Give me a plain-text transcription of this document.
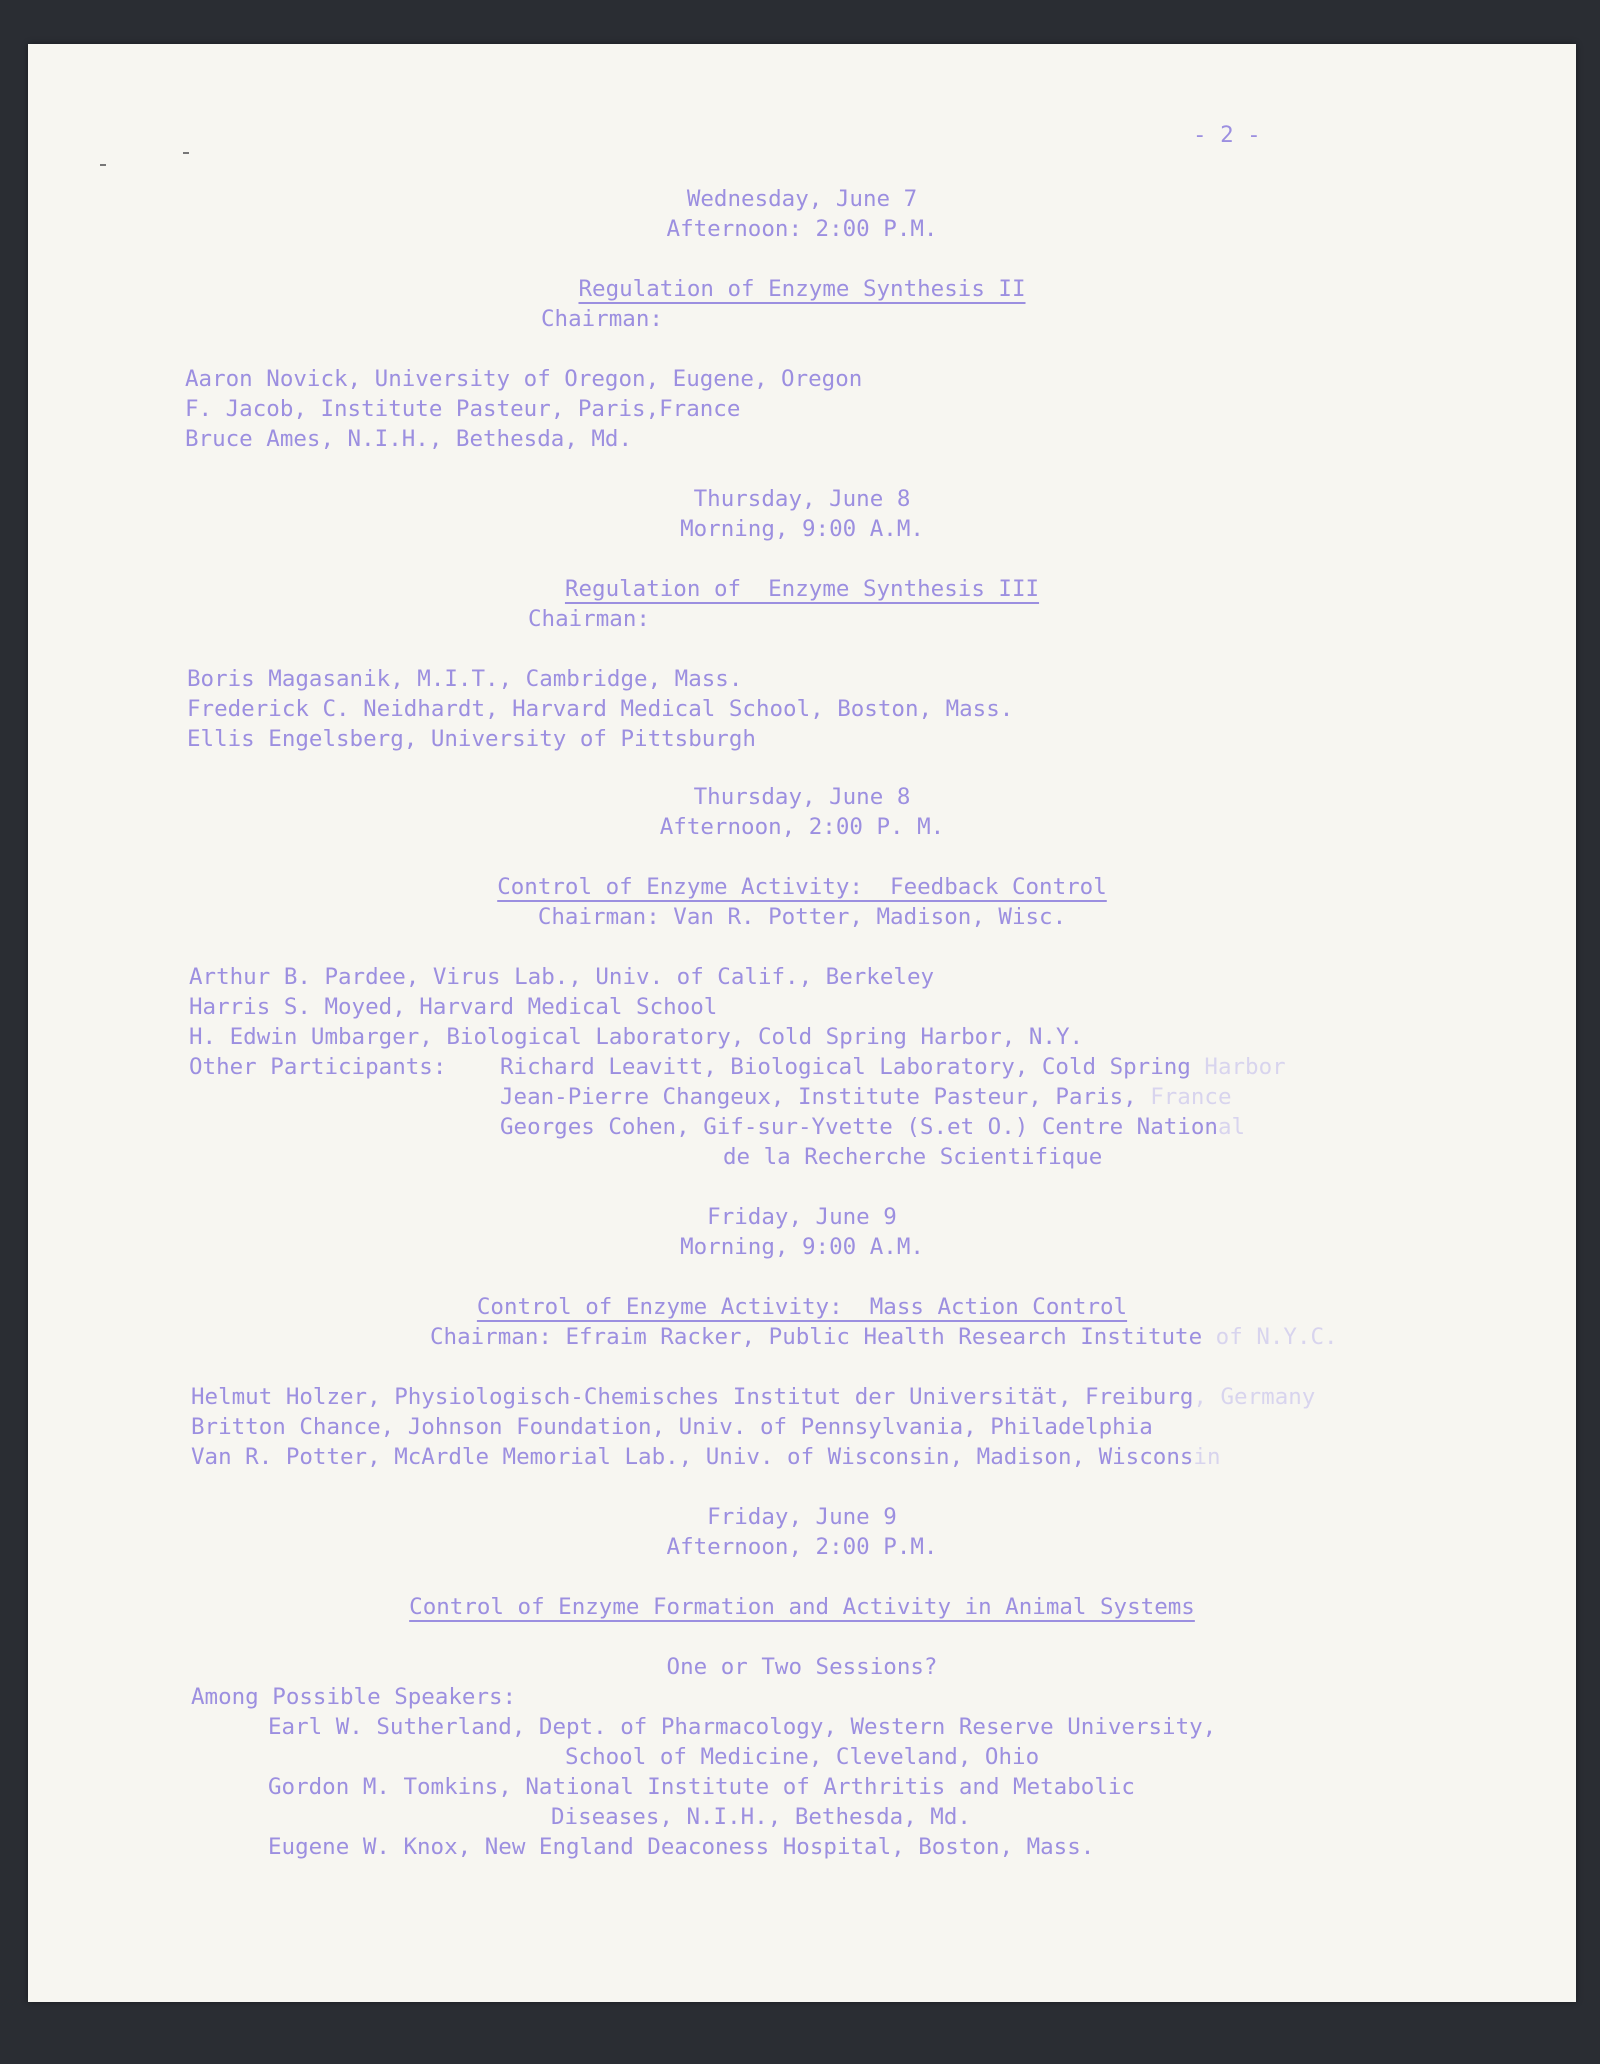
- 2 -

Wednesday, June 7

Afternoon: 2:00 P.M.

Regulation of Enzyme Synthesis II

Chairman:

Aaron Novick, University of Oregon, Eugene, Oregon

F. Jacob, Institute Pasteur, Paris,France

Bruce Ames, N.I.H., Bethesda, Md.

Thursday, June 8

Morning, 9:00 A.M.

Regulation of  Enzyme Synthesis III

Chairman:

Boris Magasanik, M.I.T., Cambridge, Mass.

Frederick C. Neidhardt, Harvard Medical School, Boston, Mass.

Ellis Engelsberg, University of Pittsburgh

Thursday, June 8

Afternoon, 2:00 P. M.

Control of Enzyme Activity:  Feedback Control

Chairman: Van R. Potter, Madison, Wisc.

Arthur B. Pardee, Virus Lab., Univ. of Calif., Berkeley

Harris S. Moyed, Harvard Medical School

H. Edwin Umbarger, Biological Laboratory, Cold Spring Harbor, N.Y.

Other Participants: Richard Leavitt, Biological Laboratory, Cold Spring Harbor

Jean-Pierre Changeux, Institute Pasteur, Paris, France

Georges Cohen, Gif-sur-Yvette (S.et O.) Centre National

de la Recherche Scientifique

Friday, June 9

Morning, 9:00 A.M.

Control of Enzyme Activity:  Mass Action Control

Chairman: Efraim Racker, Public Health Research Institute of N.Y.C.

Helmut Holzer, Physiologisch-Chemisches Institut der Universität, Freiburg, Germany

Britton Chance, Johnson Foundation, Univ. of Pennsylvania, Philadelphia

Van R. Potter, McArdle Memorial Lab., Univ. of Wisconsin, Madison, Wisconsin

Friday, June 9

Afternoon, 2:00 P.M.

Control of Enzyme Formation and Activity in Animal Systems

One or Two Sessions?

Among Possible Speakers:

Earl W. Sutherland, Dept. of Pharmacology, Western Reserve University,

School of Medicine, Cleveland, Ohio

Gordon M. Tomkins, National Institute of Arthritis and Metabolic

Diseases, N.I.H., Bethesda, Md.

Eugene W. Knox, New England Deaconess Hospital, Boston, Mass.
